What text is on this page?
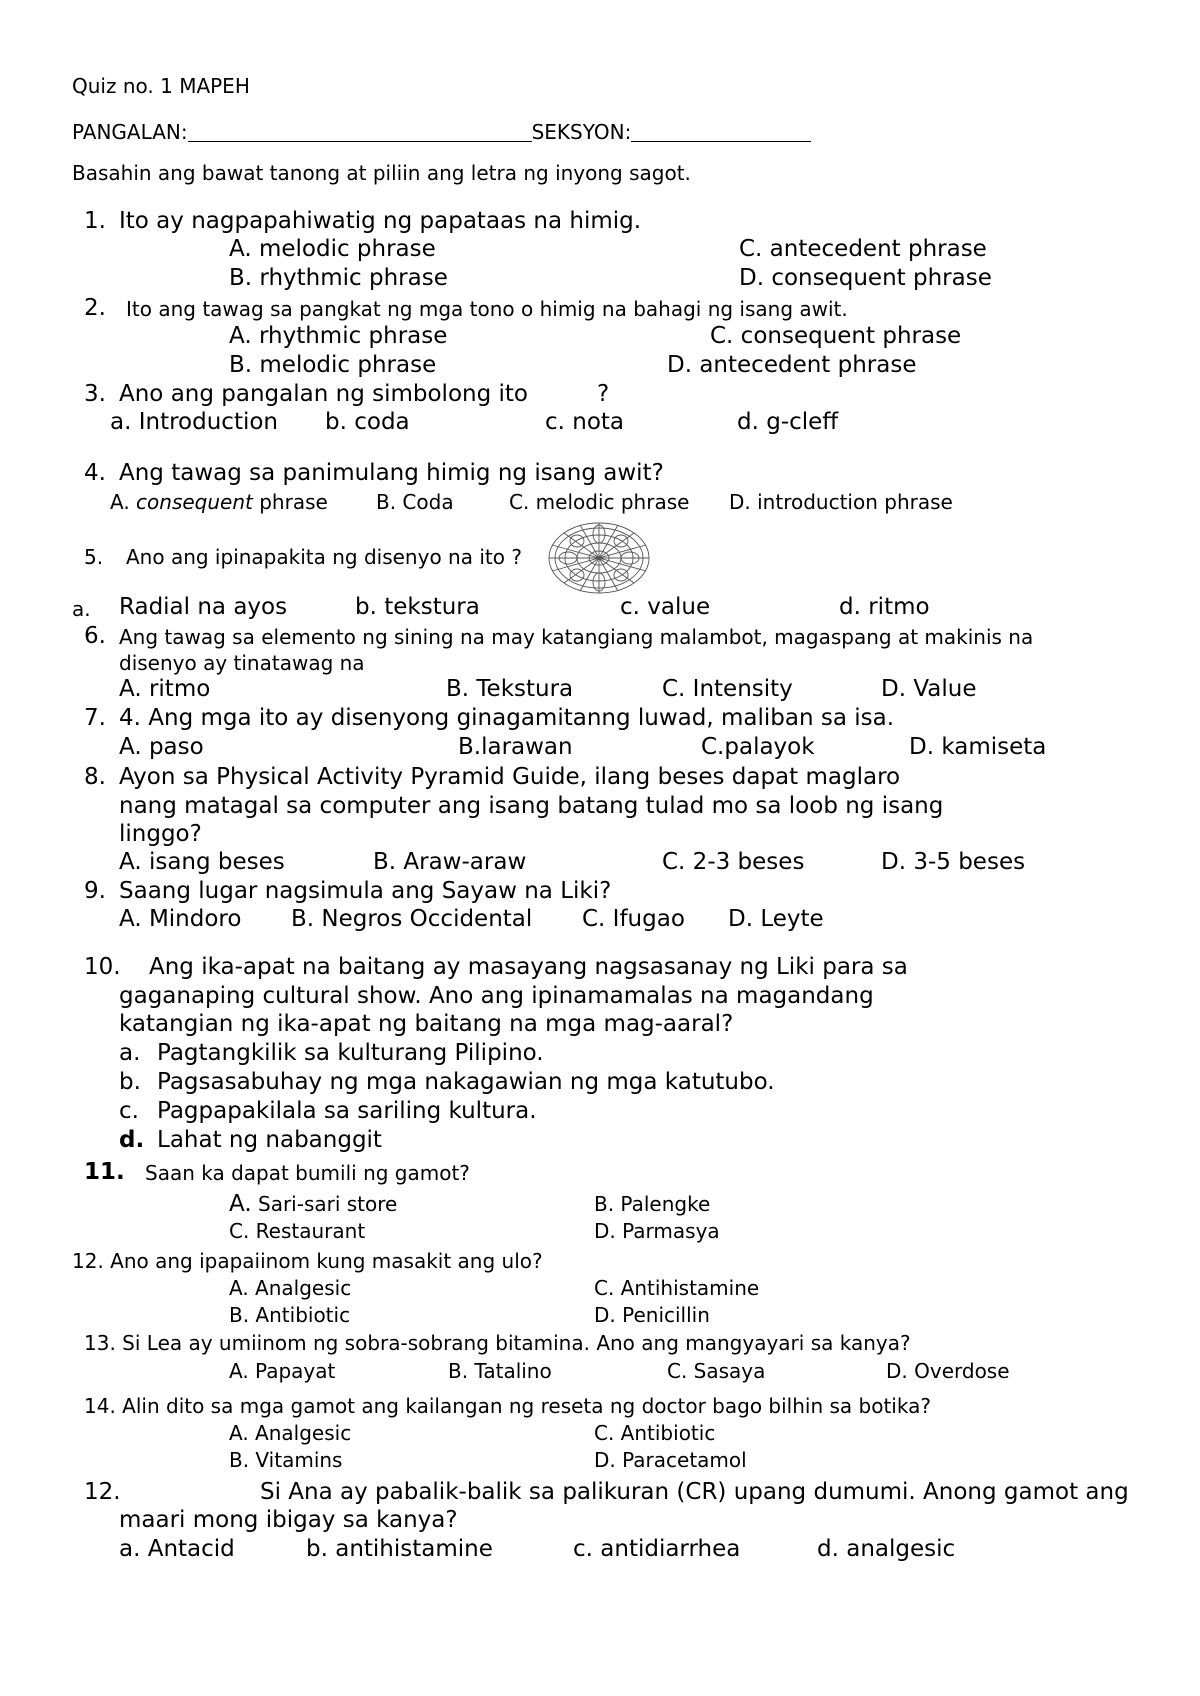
Quiz no. 1 MAPEH
PANGALAN:	SEKSYON:
Basahin ang bawat tanong at piliin ang letra ng inyong sagot.
1. Ito ay nagpapahiwatig ng papataas na himig.
A. melodic phrase	C. antecedent phrase
B. rhythmic phrase	D. consequent phrase
2. Ito ang tawag sa pangkat ng mga tono o himig na bahagi ng isang awit.
A. rhythmic phrase	C. consequent phrase
B. melodic phrase	D. antecedent phrase
3. Ano ang pangalan ng simbolong ito	?
a. Introduction b. coda	c. nota	d. g-cleff
4. Ang tawag sa panimulang himig ng isang awit?
A. consequent phrase B. Coda	C. melodic phrase D. introduction phrase
5. Ano ang ipinapakita ng disenyo na ito ?
a. Radial na ayos	b. tekstura	c. value	d. ritmo
6. Ang tawag sa elemento ng sining na may katangiang malambot, magaspang at makinis na
disenyo ay tinatawag na
A. ritmo	B. Tekstura	C. Intensity	D. Value
7. 4. Ang mga ito ay disenyong ginagamitanng luwad, maliban sa isa.
A. paso	B.larawan	C.palayok	D. kamiseta
8. Ayon sa Physical Activity Pyramid Guide, ilang beses dapat maglaro
nang matagal sa computer ang isang batang tulad mo sa loob ng isang
linggo?
A. isang beses	B. Araw-araw	C. 2-3 beses	D. 3-5 beses
9. Saang lugar nagsimula ang Sayaw na Liki?
A. Mindoro B. Negros Occidental C. Ifugao D. Leyte
10. Ang ika-apat na baitang ay masayang nagsasanay ng Liki para sa
gaganaping cultural show. Ano ang ipinamamalas na magandang
katangian ng ika-apat ng baitang na mga mag-aaral?
a. Pagtangkilik sa kulturang Pilipino.
b. Pagsasabuhay ng mga nakagawian ng mga katutubo.
c. Pagpapakilala sa sariling kultura.
d. Lahat ng nabanggit
11. Saan ka dapat bumili ng gamot?
A. Sari-sari store	B. Palengke
C. Restaurant	D. Parmasya
12. Ano ang ipapaiinom kung masakit ang ulo?
A. Analgesic	C. Antihistamine
B. Antibiotic	D. Penicillin
13. Si Lea ay umiinom ng sobra-sobrang bitamina. Ano ang mangyayari sa kanya?
A. Papayat	B. Tatalino	C. Sasaya	D. Overdose
14. Alin dito sa mga gamot ang kailangan ng reseta ng doctor bago bilhin sa botika?
A. Analgesic	C. Antibiotic
B. Vitamins	D. Paracetamol
12.	Si Ana ay pabalik-balik sa palikuran (CR) upang dumumi. Anong gamot ang
maari mong ibigay sa kanya?
a. Antacid	b. antihistamine	c. antidiarrhea	d. analgesic
